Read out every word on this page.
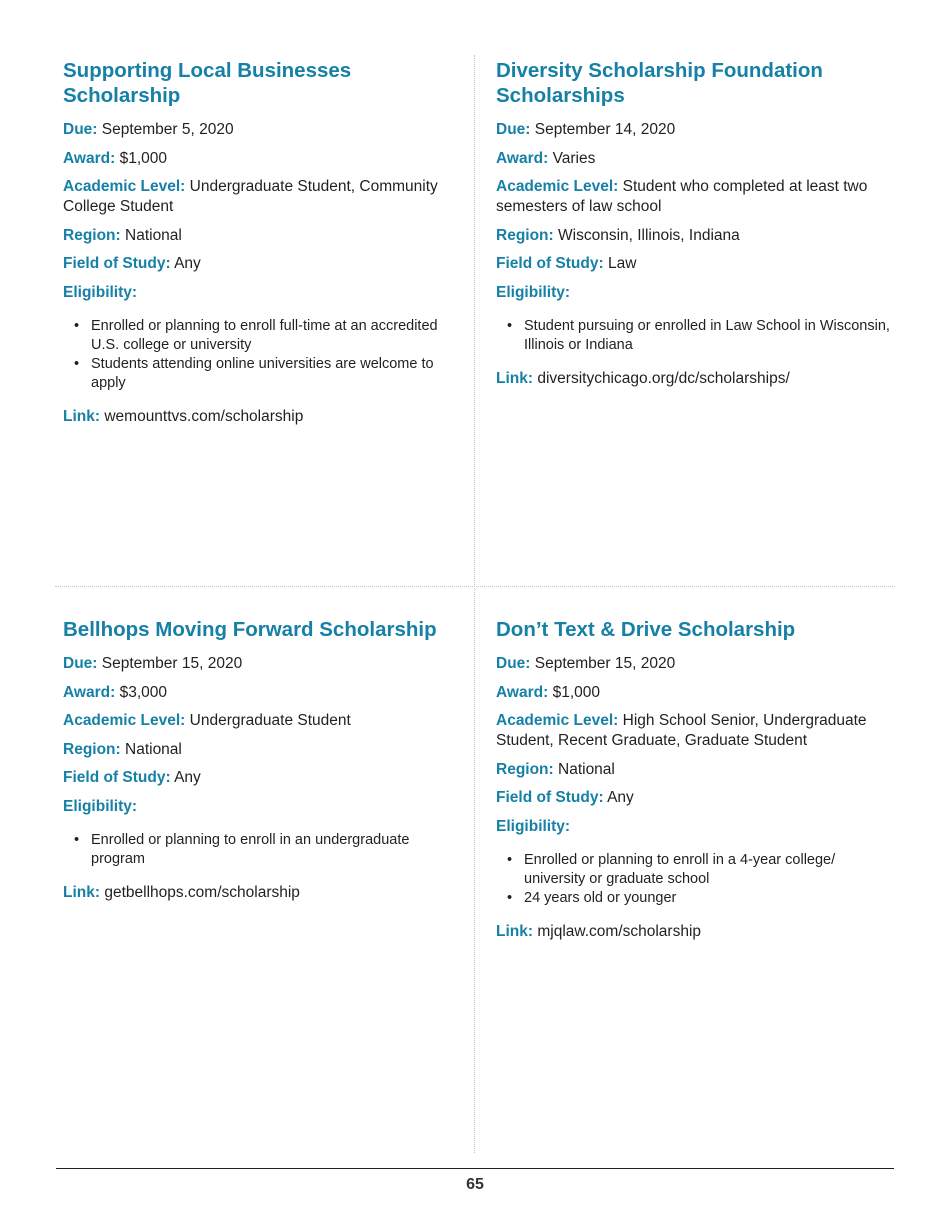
Supporting Local Businesses Scholarship

Due: September 5, 2020

Award: $1,000

Academic Level: Undergraduate Student, Community College Student

Region: National

Field of Study: Any

Eligibility:

• Enrolled or planning to enroll full-time at an accredited U.S. college or university
• Students attending online universities are welcome to apply

Link: wemounttvs.com/scholarship

Diversity Scholarship Foundation Scholarships

Due: September 14, 2020

Award: Varies

Academic Level: Student who completed at least two semesters of law school

Region: Wisconsin, Illinois, Indiana

Field of Study: Law

Eligibility:

• Student pursuing or enrolled in Law School in Wisconsin, Illinois or Indiana

Link: diversitychicago.org/dc/scholarships/

Bellhops Moving Forward Scholarship

Due: September 15, 2020

Award: $3,000

Academic Level: Undergraduate Student

Region: National

Field of Study: Any

Eligibility:

• Enrolled or planning to enroll in an undergraduate program

Link: getbellhops.com/scholarship

Don’t Text & Drive Scholarship

Due: September 15, 2020

Award: $1,000

Academic Level: High School Senior, Undergraduate Student, Recent Graduate, Graduate Student

Region: National

Field of Study: Any

Eligibility:

• Enrolled or planning to enroll in a 4-year college/ university or graduate school
• 24 years old or younger

Link: mjqlaw.com/scholarship

65
